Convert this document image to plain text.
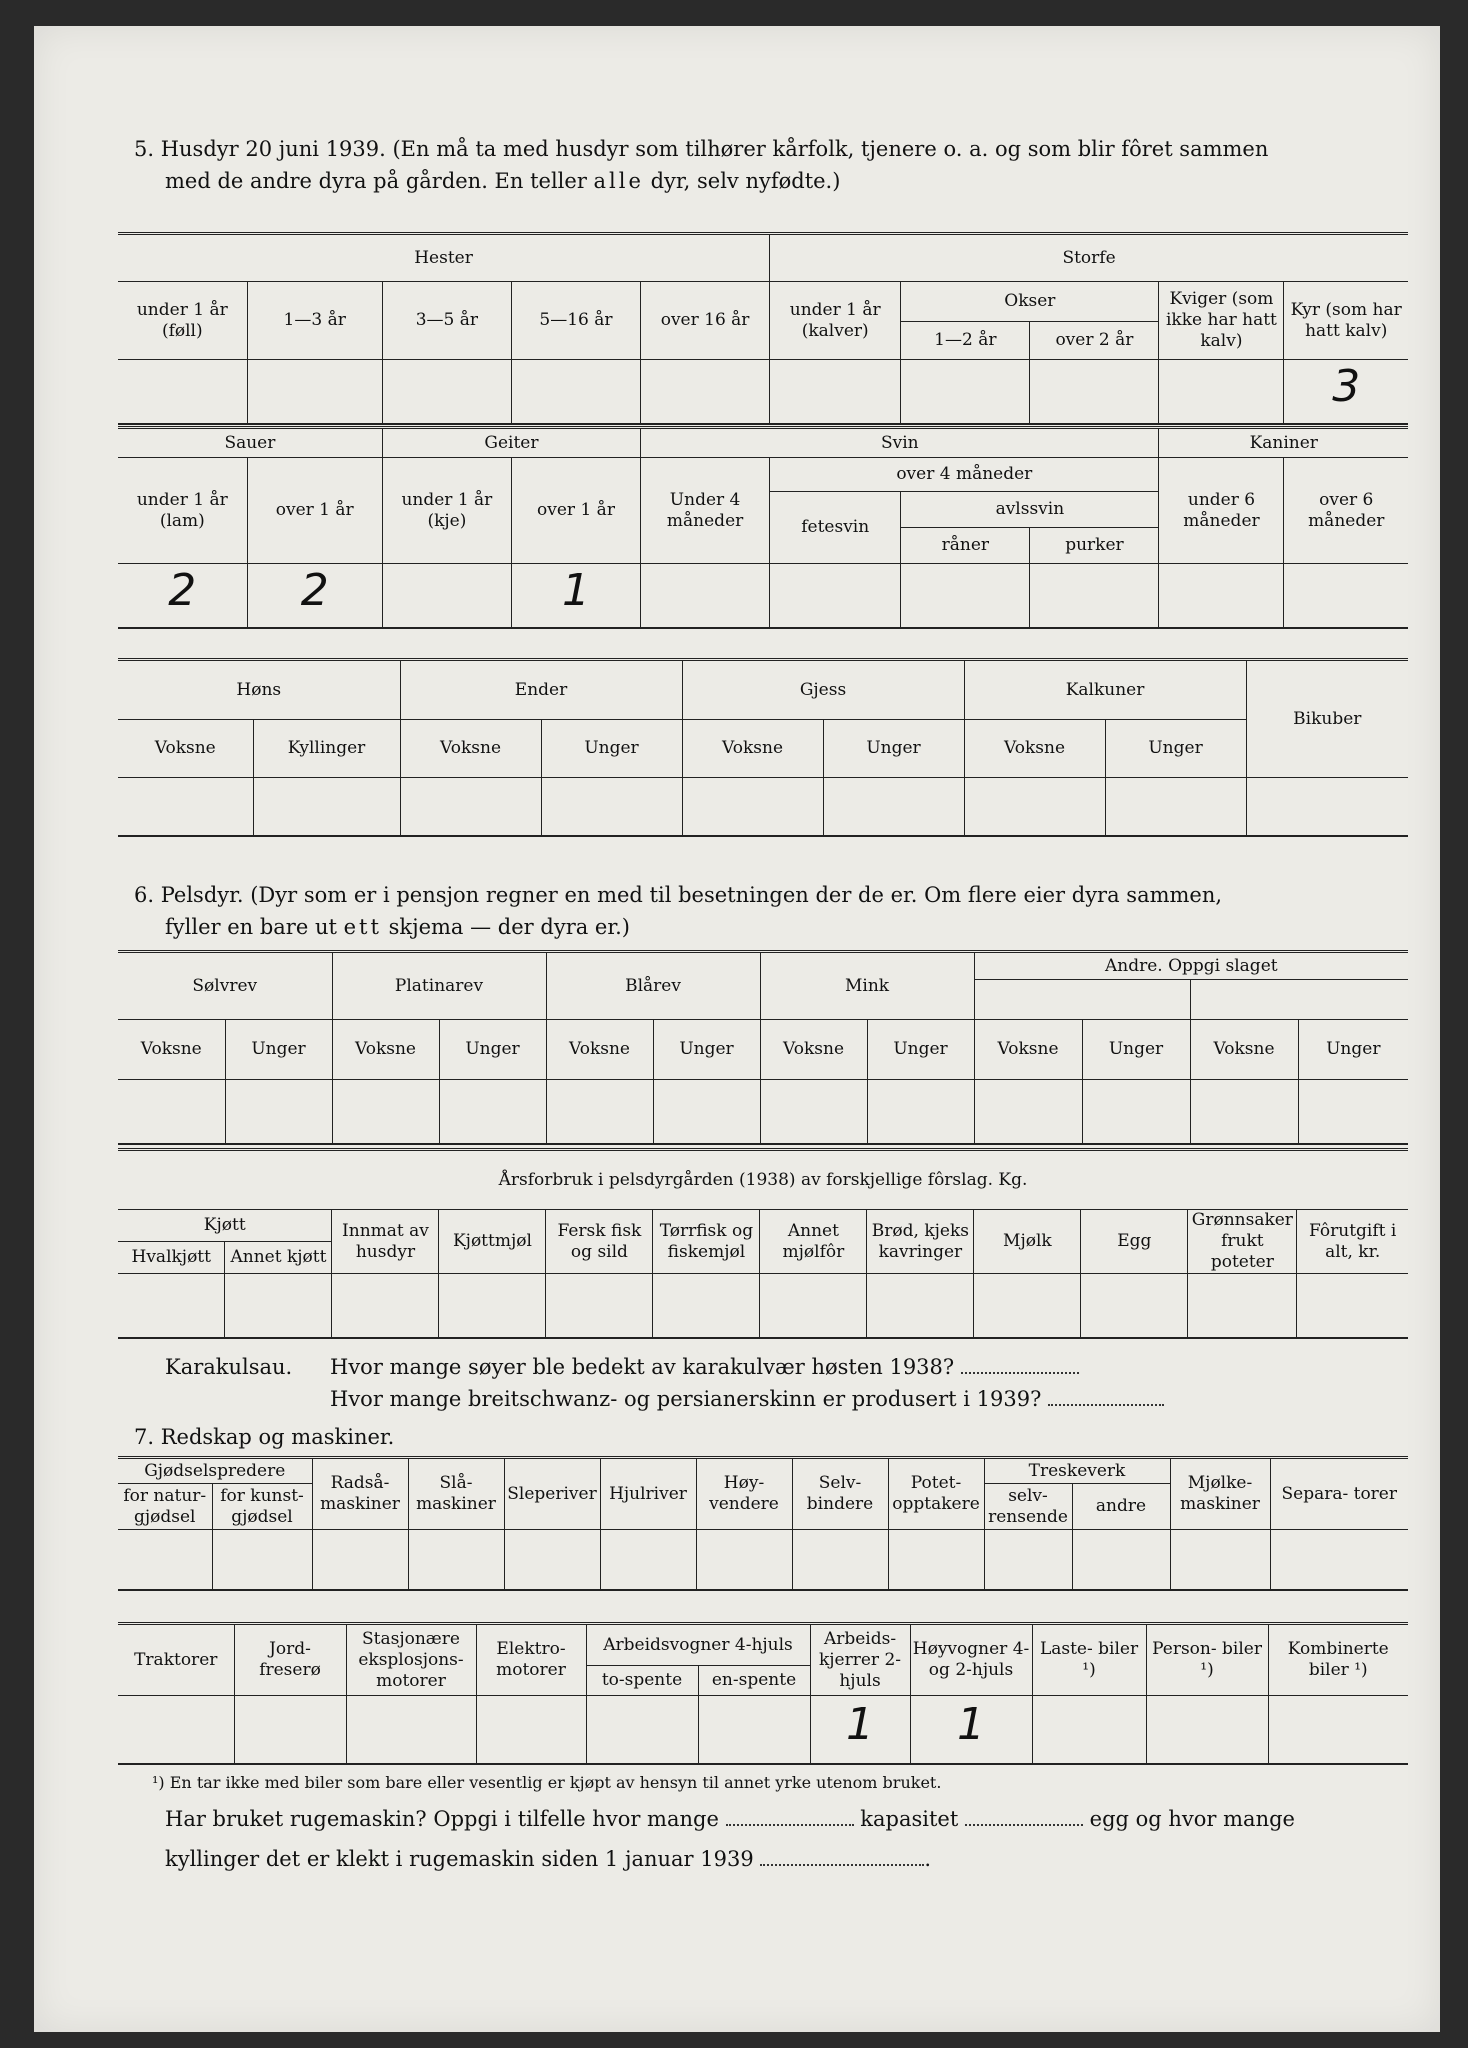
5. Husdyr 20 juni 1939. (En må ta med husdyr som tilhører kårfolk, tjenere o. a. og som blir fôret sammen
med de andre dyra på gården. En teller alle dyr, selv nyfødte.)
Hester					Storfe				
under 1 år (føll)	1—3 år	3—5 år	5—16 år	over 16 år	under 1 år (kalver)	Okser		Kviger (som ikke har hatt kalv)	Kyr (som har hatt kalv)
						1—2 år	over 2 år		
									3
Sauer		Geiter		Svin				Kaniner	
under 1 år (lam)	over 1 år	under 1 år (kje)	over 1 år	Under 4 måneder	over 4 måneder			under 6 måneder	over 6 måneder
					fetesvin	avlssvin			
						råner	purker		
2	2		1						
Høns		Ender		Gjess		Kalkuner		Bikuber
Voksne	Kyllinger	Voksne	Unger	Voksne	Unger	Voksne	Unger	

6. Pelsdyr. (Dyr som er i pensjon regner en med til besetningen der de er. Om flere eier dyra sammen,
fyller en bare ut ett skjema — der dyra er.)
Sølvrev		Platinarev		Blårev		Mink		Andre. Oppgi slaget			

Voksne	Unger	Voksne	Unger	Voksne	Unger	Voksne	Unger	Voksne	Unger	Voksne	Unger

Årsforbruk i pelsdyrgården (1938) av forskjellige fôrslag. Kg.											
Kjøtt		Innmat av husdyr	Kjøttmjøl	Fersk fisk og sild	Tørrfisk og fiskemjøl	Annet mjølfôr	Brød, kjeks kavringer	Mjølk	Egg	Grønnsaker frukt poteter	Fôrutgift i alt, kr.
Hvalkjøtt	Annet kjøtt										

Karakulsau. Hvor mange søyer ble bedekt av karakulvær høsten 1938?
Hvor mange breitschwanz- og persianerskinn er produsert i 1939?
7. Redskap og maskiner.
Gjødselspredere		Radså- maskiner	Slå- maskiner	Sleperiver	Hjulriver	Høy- vendere	Selv- bindere	Potet- opptakere	Treskeverk		Mjølke- maskiner	Separa- torer
for natur- gjødsel	for kunst- gjødsel								selv- rensende	andre		

Traktorer	Jord- freserø	Stasjonære eksplosjons- motorer	Elektro- motorer	Arbeidsvogner 4-hjuls		Arbeids- kjerrer 2-hjuls	Høyvogner 4- og 2-hjuls	Laste- biler ¹)	Person- biler ¹)	Kombinerte biler ¹)
				to-spente	en-spente					
						1	1			
¹) En tar ikke med biler som bare eller vesentlig er kjøpt av hensyn til annet yrke utenom bruket.
Har bruket rugemaskin? Oppgi i tilfelle hvor mange	kapasitet	egg og hvor mange
kyllinger det er klekt i rugemaskin siden 1 januar 1939	.
